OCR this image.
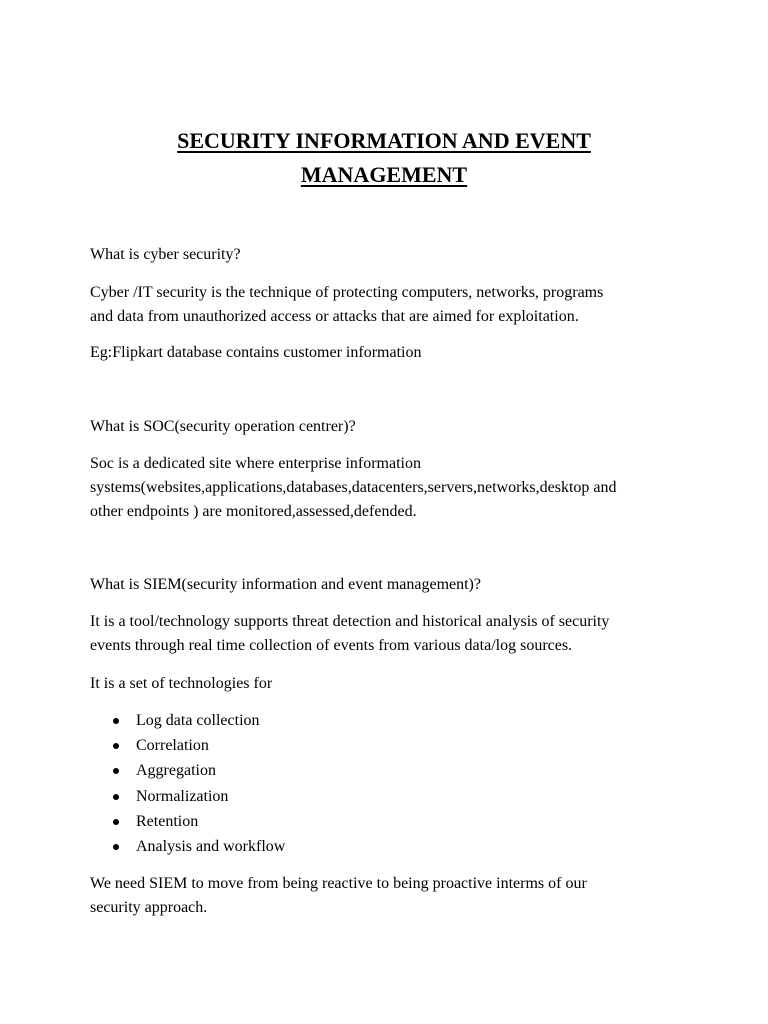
SECURITY INFORMATION AND EVENT
MANAGEMENT

What is cyber security?

Cyber /IT security is the technique of protecting computers, networks, programs
and data from unauthorized access or attacks that are aimed for exploitation.

Eg:Flipkart database contains customer information

What is SOC(security operation centrer)?

Soc is a dedicated site where enterprise information
systems(websites,applications,databases,datacenters,servers,networks,desktop and
other endpoints ) are monitored,assessed,defended.

What is SIEM(security information and event management)?

It is a tool/technology supports threat detection and historical analysis of security
events through real time collection of events from various data/log sources.

It is a set of technologies for

Log data collection
Correlation
Aggregation
Normalization
Retention
Analysis and workflow

We need SIEM to move from being reactive to being proactive interms of our
security approach.
